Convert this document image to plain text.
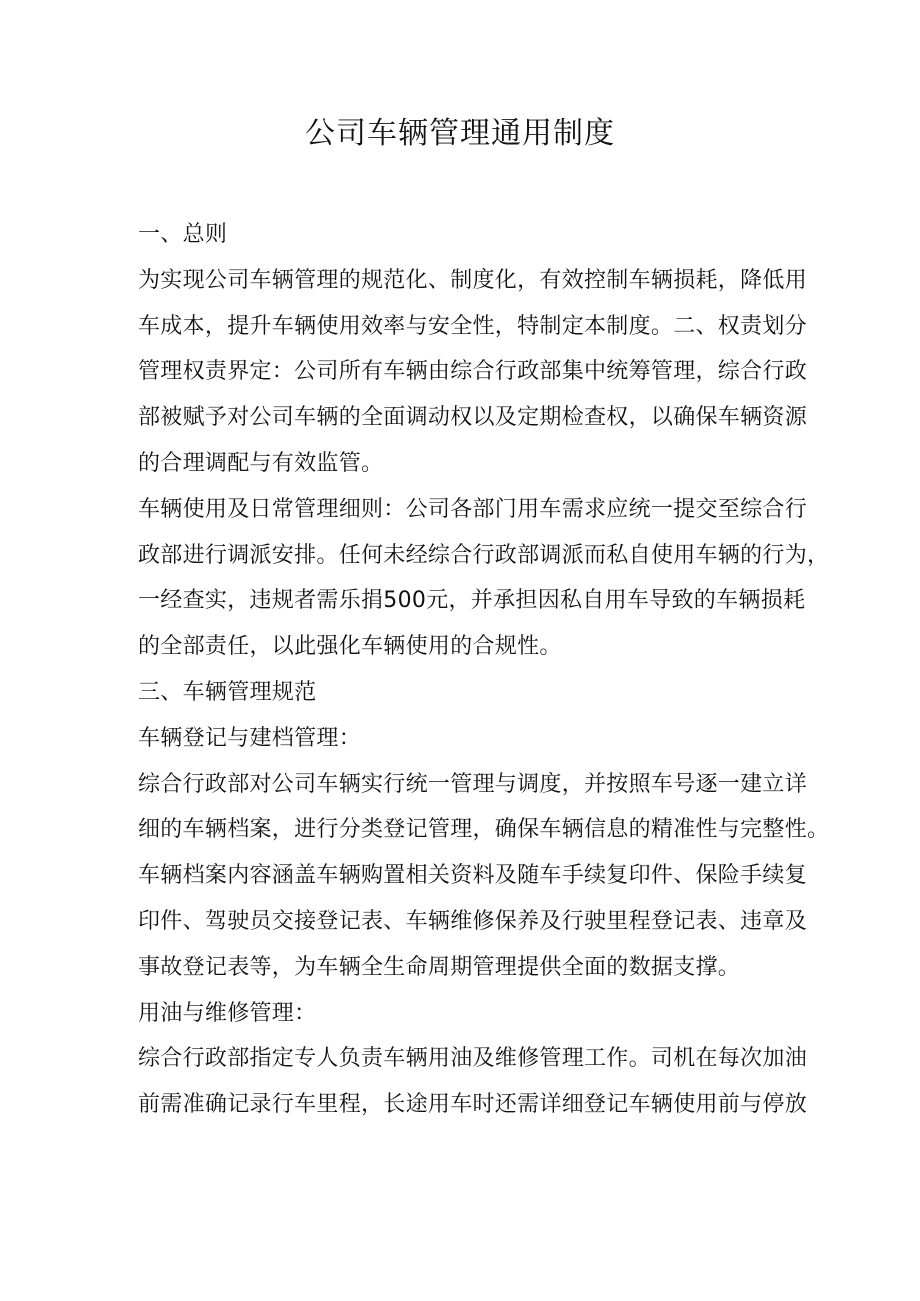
公司车辆管理通用制度
一、总则
为实现公司车辆管理的规范化、制度化，有效控制车辆损耗，降低用
车成本，提升车辆使用效率与安全性，特制定本制度。二、权责划分
管理权责界定：公司所有车辆由综合行政部集中统筹管理，综合行政
部被赋予对公司车辆的全面调动权以及定期检查权，以确保车辆资源
的合理调配与有效监管。
车辆使用及日常管理细则：公司各部门用车需求应统一提交至综合行
政部进行调派安排。任何未经综合行政部调派而私自使用车辆的行为，
一经查实，违规者需乐捐500元，并承担因私自用车导致的车辆损耗
的全部责任，以此强化车辆使用的合规性。
三、车辆管理规范
车辆登记与建档管理：
综合行政部对公司车辆实行统一管理与调度，并按照车号逐一建立详
细的车辆档案，进行分类登记管理，确保车辆信息的精准性与完整性。
车辆档案内容涵盖车辆购置相关资料及随车手续复印件、保险手续复
印件、驾驶员交接登记表、车辆维修保养及行驶里程登记表、违章及
事故登记表等，为车辆全生命周期管理提供全面的数据支撑。
用油与维修管理：
综合行政部指定专人负责车辆用油及维修管理工作。司机在每次加油
前需准确记录行车里程，长途用车时还需详细登记车辆使用前与停放
